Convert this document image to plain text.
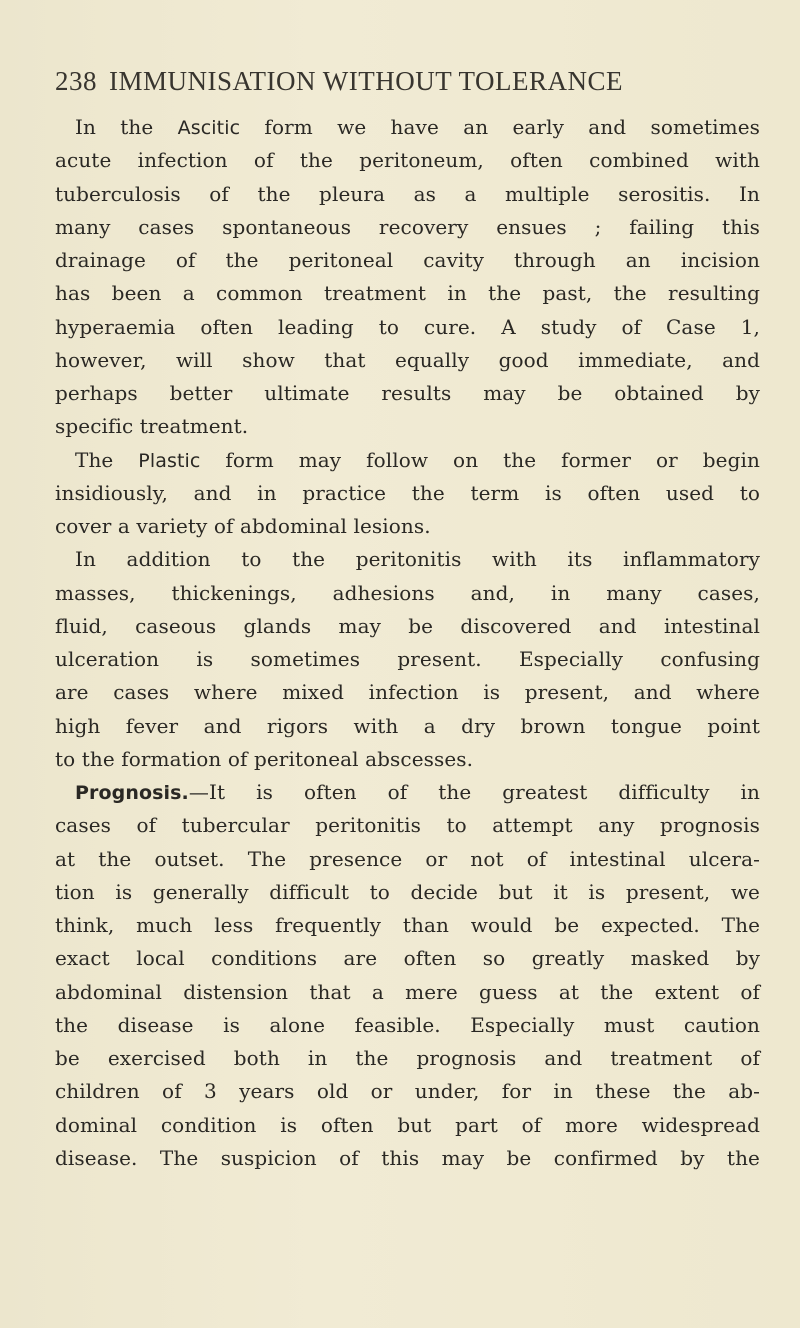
238 IMMUNISATION WITHOUT TOLERANCE
In the Ascitic form we have an early and sometimes
acute infection of the peritoneum, often combined with
tuberculosis of the pleura as a multiple serositis. In
many cases spontaneous recovery ensues ; failing this
drainage of the peritoneal cavity through an incision
has been a common treatment in the past, the resulting
hyperaemia often leading to cure. A study of Case 1,
however, will show that equally good immediate, and
perhaps better ultimate results may be obtained by
specific treatment.
The Plastic form may follow on the former or begin
insidiously, and in practice the term is often used to
cover a variety of abdominal lesions.
In addition to the peritonitis with its inflammatory
masses, thickenings, adhesions and, in many cases,
fluid, caseous glands may be discovered and intestinal
ulceration is sometimes present. Especially confusing
are cases where mixed infection is present, and where
high fever and rigors with a dry brown tongue point
to the formation of peritoneal abscesses.
Prognosis.—It is often of the greatest difficulty in
cases of tubercular peritonitis to attempt any prognosis
at the outset. The presence or not of intestinal ulcera-
tion is generally difficult to decide but it is present, we
think, much less frequently than would be expected. The
exact local conditions are often so greatly masked by
abdominal distension that a mere guess at the extent of
the disease is alone feasible. Especially must caution
be exercised both in the prognosis and treatment of
children of 3 years old or under, for in these the ab-
dominal condition is often but part of more widespread
disease. The suspicion of this may be confirmed by the
